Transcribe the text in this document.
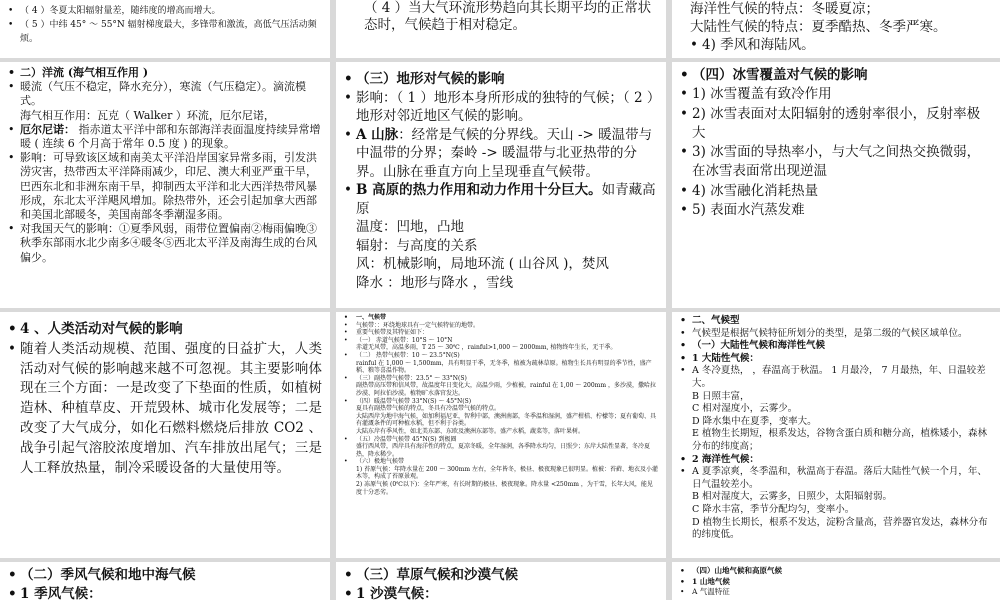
• （ 4 ）冬夏太阳辐射量差，随纬度的增高而增大。
• （ 5 ）中纬 45° ～ 55°N 辐射梯度最大，多锋带和激流，高低气压活动频烦。

（ 4 ）当大气环流形势趋向其长期平均的正常状态时，气候趋于相对稳定。

海洋性气候的特点：冬暖夏凉；

大陆性气候的特点：夏季酷热、冬季严寒。

• 4) 季风和海陆风。

• 二）洋流 (海气相互作用 )
• 暖流（气压不稳定，降水充分），寒流（气压稳定）。滴流模式。
海气相互作用：瓦克（ Walker ）环流，厄尔尼诺，
• 厄尔尼诺： 指赤道太平洋中部和东部海洋表面温度持续异常增暖 ( 连续 6 个月高于常年 0.5 度 ) 的现象。
• 影响：可导致该区域和南美太平洋沿岸国家异常多雨，引发洪涝灾害，热带西太平洋降雨减少，印尼、澳大利亚严重干旱，巴西东北和非洲东南干旱，抑制西太平洋和北大西洋热带风暴形成，东北太平洋飓风增加。除热带外，还会引起加拿大西部和美国北部暖冬，美国南部冬季潮湿多雨。
• 对我国天气的影响：①夏季风弱，雨带位置偏南②梅雨偏晚③秋季东部雨水北少南多④暖冬⑤西北太平洋及南海生成的台风偏少。
• （三）地形对气候的影响
• 影响：（ 1 ）地形本身所形成的独特的气候；（ 2 ）地形对邻近地区气候的影响。
• A 山脉：经常是气候的分界线。天山 -> 暖温带与中温带的分界；秦岭 -> 暖温带与北亚热带的分界。山脉在垂直方向上呈现垂直气候带。
• B 高原的热力作用和动力作用十分巨大。如青藏高原
温度：凹地，凸地
辐射：与高度的关系
风：机械影响，局地环流 ( 山谷风 )，焚风
降水 ：地形与降水 ，雪线
• （四）冰雪覆盖对气候的影响
• 1) 冰雪覆盖有致冷作用
• 2) 冰雪表面对太阳辐射的透射率很小，反射率极大
• 3) 冰雪面的导热率小，与大气之间热交换微弱，在冰雪表面常出现逆温
• 4) 冰雪融化消耗热量
• 5) 表面水汽蒸发难
• 4 、人类活动对气候的影响
• 随着人类活动规模、范围、强度的日益扩大，人类活动对气候的影响越来越不可忽视。其主要影响体现在三个方面：一是改变了下垫面的性质，如植树造林、种植草皮、开荒毁林、城市化发展等；二是改变了大气成分，如化石燃料燃烧后排放 CO2 、战争引起气溶胶浓度增加、汽车排放出尾气；三是人工释放热量，制冷采暖设备的大量使用等。
• 一、气候带
• 气候带：：环绕地球具有一定气候特征的地带。
• 重要气候带及其特征如下：
• （一） 赤道气候带：10°S ～ 10°N
赤道无风带，高温多雨，T 25 ～ 30℃ ，rainful>1,000 ～ 2000mm, 植物终年生长，无干季。
• （二） 热带气候带：10 ～ 23.5°N(S)
rainful 在 1,000 ～ 1,500mm，具有明显干季，无冬季，植被为疏林草原。植物生长具有明显的季节性，盛产稻、粮等喜温作物。
• （三）副热带气候带：23.5° ～ 33°N(S)
副热带高压带和信风带，故温度年日变化大，高温少雨，少植被，rainful 在 1,00 ～ 200mm ，多沙漠，撒哈拉沙漠、阿拉伯沙漠。植物旷水落官发达。
• （四）暖温带气候带 33°N(S) ～ 45°N(S)
夏具有副热带气候的特点，冬具有冷温带气候的特点。
大陆西岸为地中海气候，如加利福尼亚，智利中部，澳洲南部，冬季温和湿润，盛产柑桔、柠檬等；夏有葡萄、具有灌溉条件的可种植水稻，但不利于谷类。
大陆东岸有季风性，如北美东部、东欧及澳洲东部等。盛产水稻，蔬菜等，落叶果树。
• （五）冷温带气候带 45°N(S) 到极圈
盛行西风带，西岸具有海洋性的特点，夏凉冬暖，全年湿润，各季降水均匀，日照少；东岸大陆性显著，冬冷夏热，降水稀少。
• （六）极地气候带
1) 苔原气候：年降水量在 200 ～ 300mm 左右，全年皆冬，极昼、极夜现象已很明显。植被：苔藓、地衣及小灌木等，构成了苔原景观。
2) 冻原气候 (0℃以下)：全年严寒，有长时期的极昼、极夜现象。降水量 <250mm ，为干雪，长年大风，能见度十分恶劣。
• 二、气候型
• 气候型是根据气候特征所划分的类型，是第二级的气候区域单位。
• （一）大陆性气候和海洋性气候
• 1 大陆性气候：
• A 冬冷夏热， ，春温高于秋温。 1 月最冷， 7 月最热，年、日温较差大。
B 日照丰富，
C 相对湿度小，云雾少。
D 降水集中在夏季，变率大。
E 植物生长期短，根系发达，谷物含蛋白质和糖分高，植株矮小，森林分布的纬度高；
• 2 海洋性气候：
• A 夏季凉爽，冬季温和，秋温高于春温。落后大陆性气候一个月，年、日气温较差小。
B 相对湿度大，云雾多，日照少，太阳辐射弱。
C 降水丰富，季节分配均匀，变率小。
D 植物生长期长，根系不发达，淀粉含量高，营养器官发达，森林分布的纬度低。
• （二）季风气候和地中海气候
• 1 季风气候：
• （三）草原气候和沙漠气候
• 1 沙漠气候：
• （四）山地气候和高原气候
• 1 山地气候
• A 气温特征
